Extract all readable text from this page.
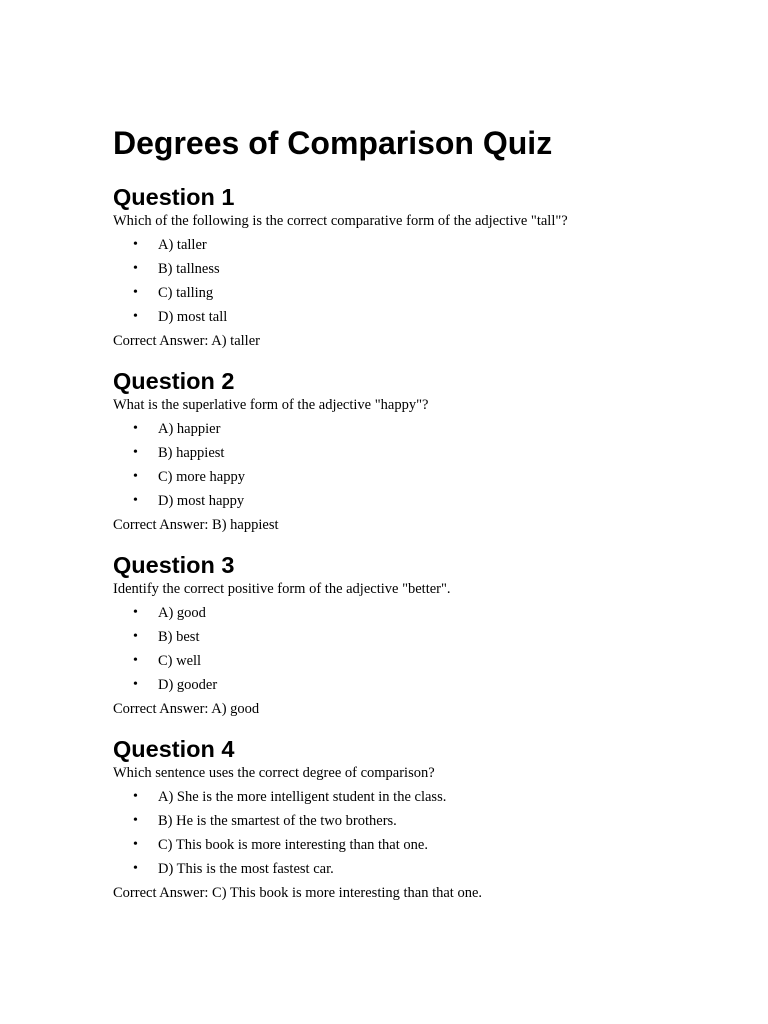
Degrees of Comparison Quiz
Question 1

Which of the following is the correct comparative form of the adjective "tall"?

• A) taller
• B) tallness
• C) talling
• D) most tall

Correct Answer: A) taller

Question 2

What is the superlative form of the adjective "happy"?

• A) happier
• B) happiest
• C) more happy
• D) most happy

Correct Answer: B) happiest

Question 3

Identify the correct positive form of the adjective "better".

• A) good
• B) best
• C) well
• D) gooder

Correct Answer: A) good

Question 4

Which sentence uses the correct degree of comparison?

• A) She is the more intelligent student in the class.
• B) He is the smartest of the two brothers.
• C) This book is more interesting than that one.
• D) This is the most fastest car.

Correct Answer: C) This book is more interesting than that one.
